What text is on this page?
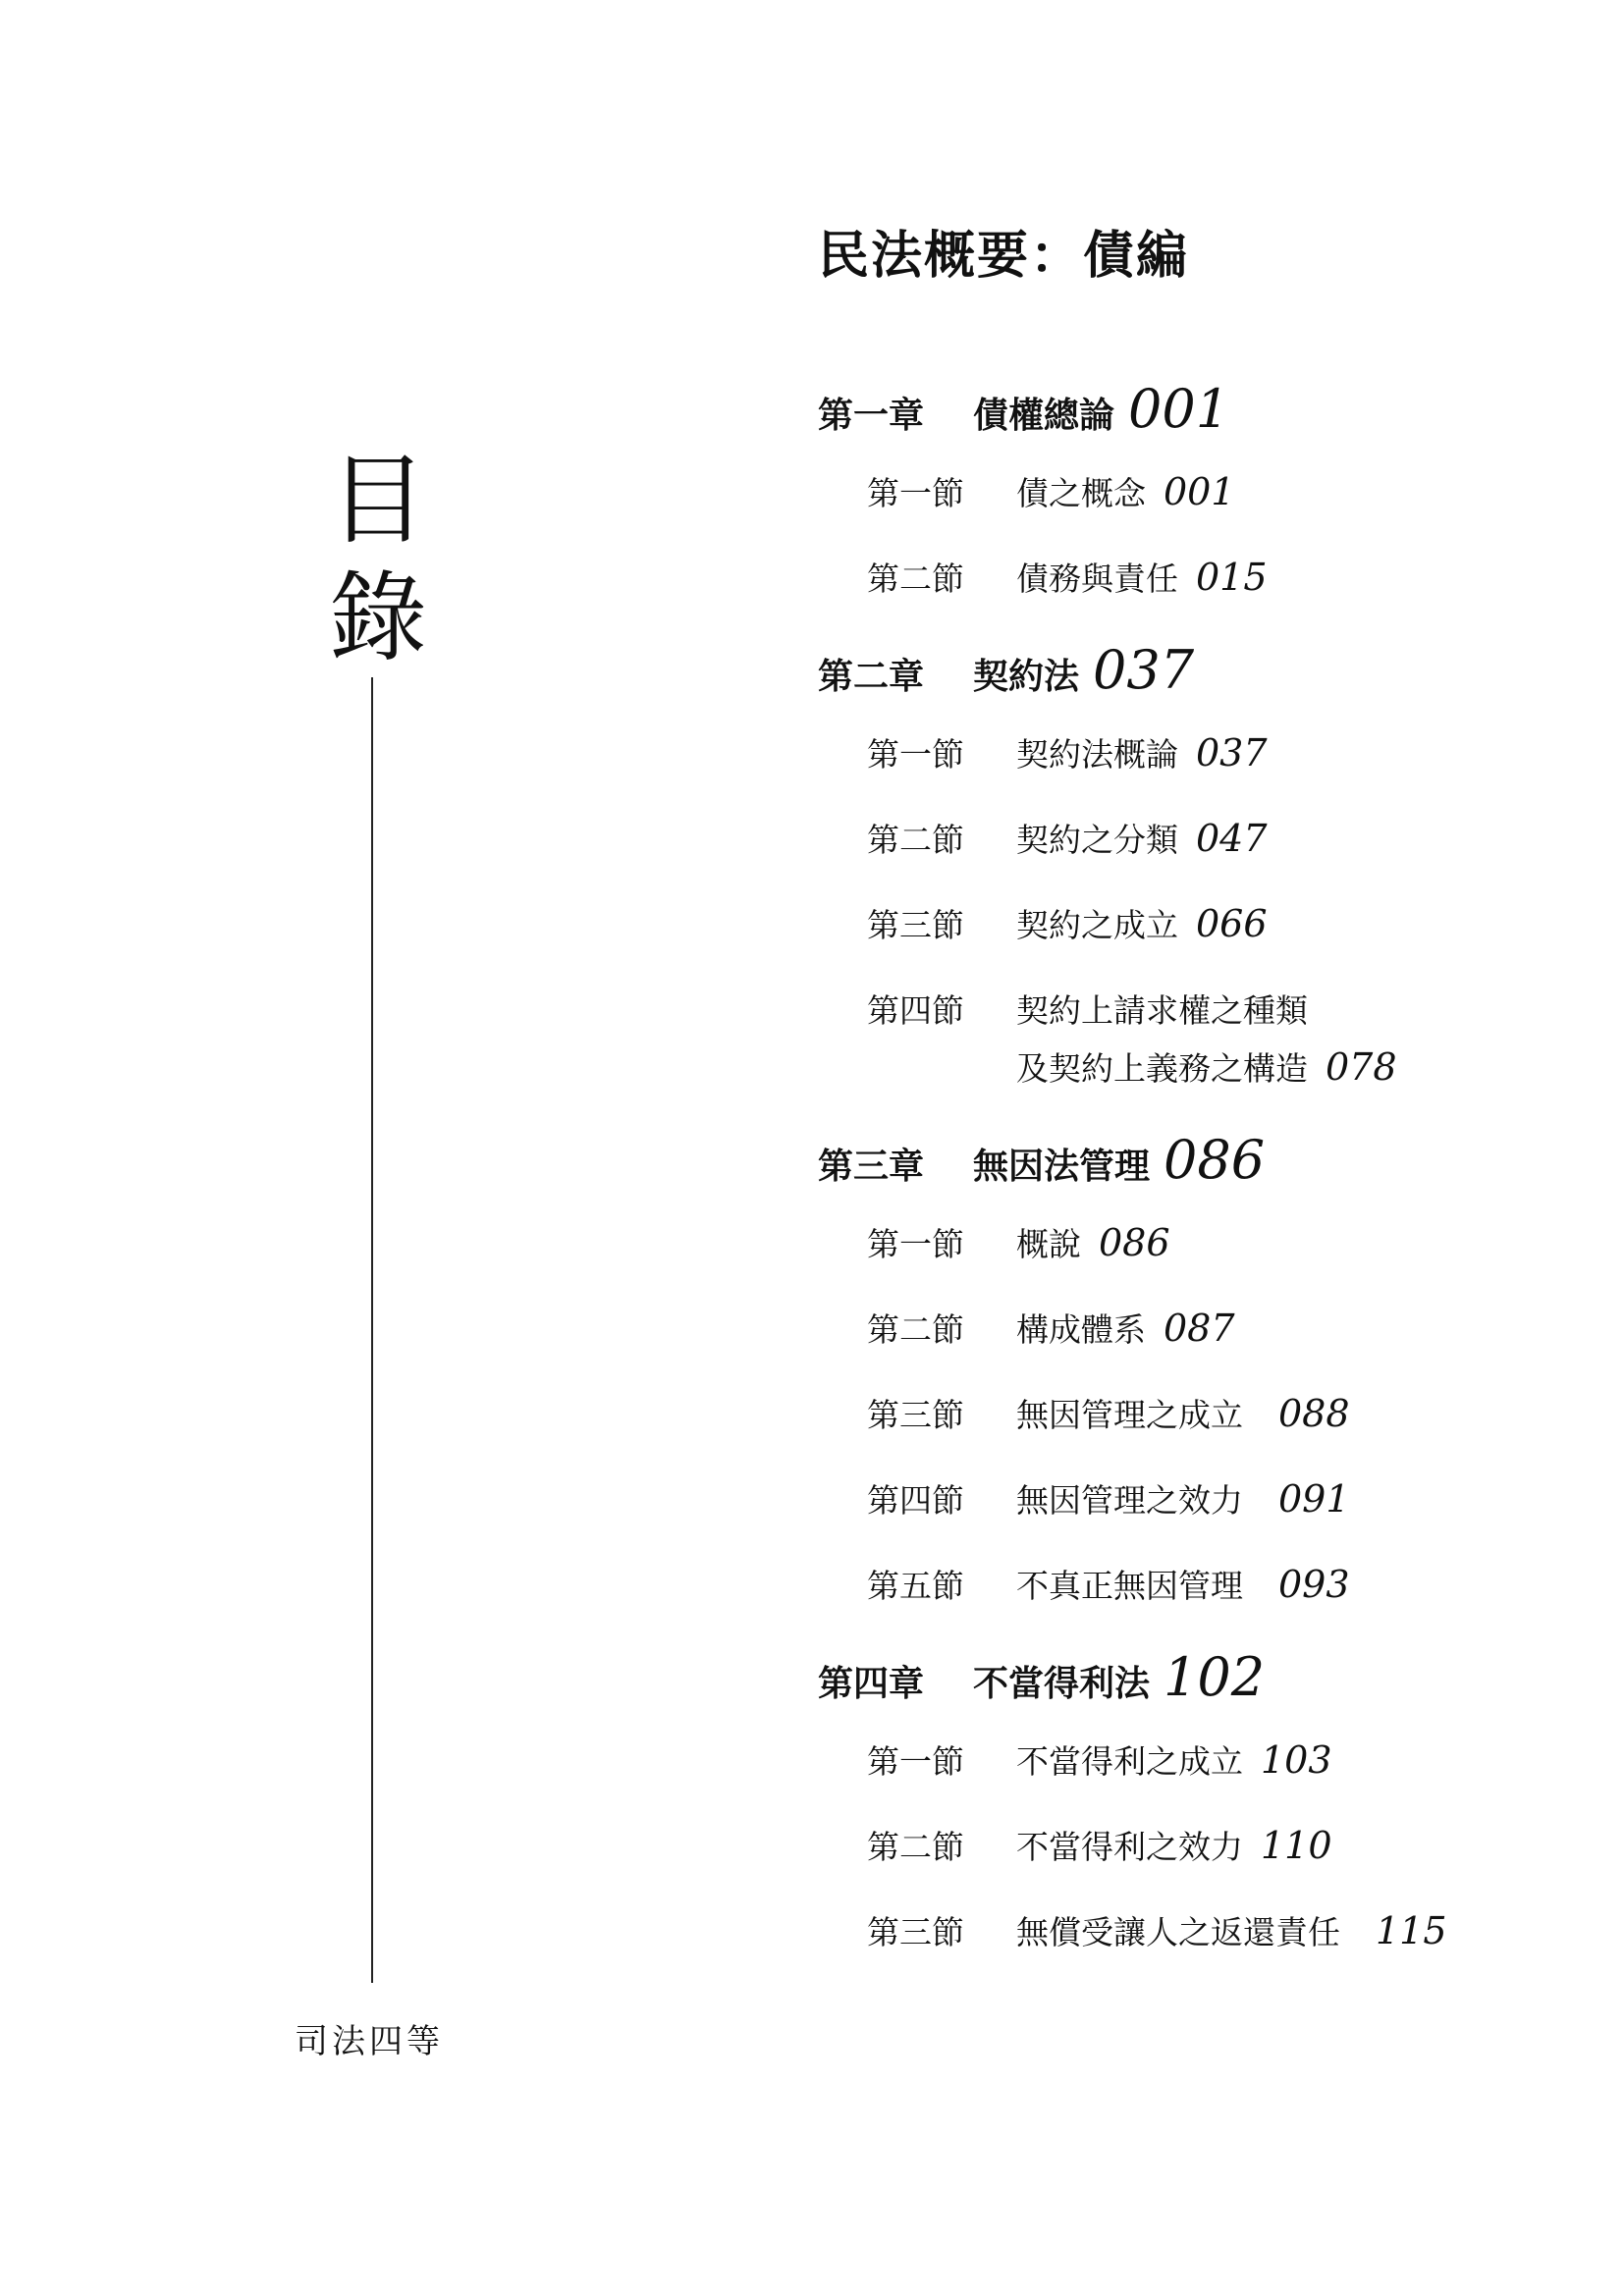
目
錄
司法四等
民法概要：債編
第一章	債權總論 001
第一節	債之概念 001
第二節	債務與責任 015
第二章	契約法 037
第一節	契約法概論 037
第二節	契約之分類 047
第三節	契約之成立 066
第四節	契約上請求權之種類
及契約上義務之構造 078
第三章	無因法管理 086
第一節	概說 086
第二節	構成體系 087
第三節	無因管理之成立 088
第四節	無因管理之效力 091
第五節	不真正無因管理 093
第四章	不當得利法 102
第一節	不當得利之成立 103
第二節	不當得利之效力 110
第三節	無償受讓人之返還責任 115
